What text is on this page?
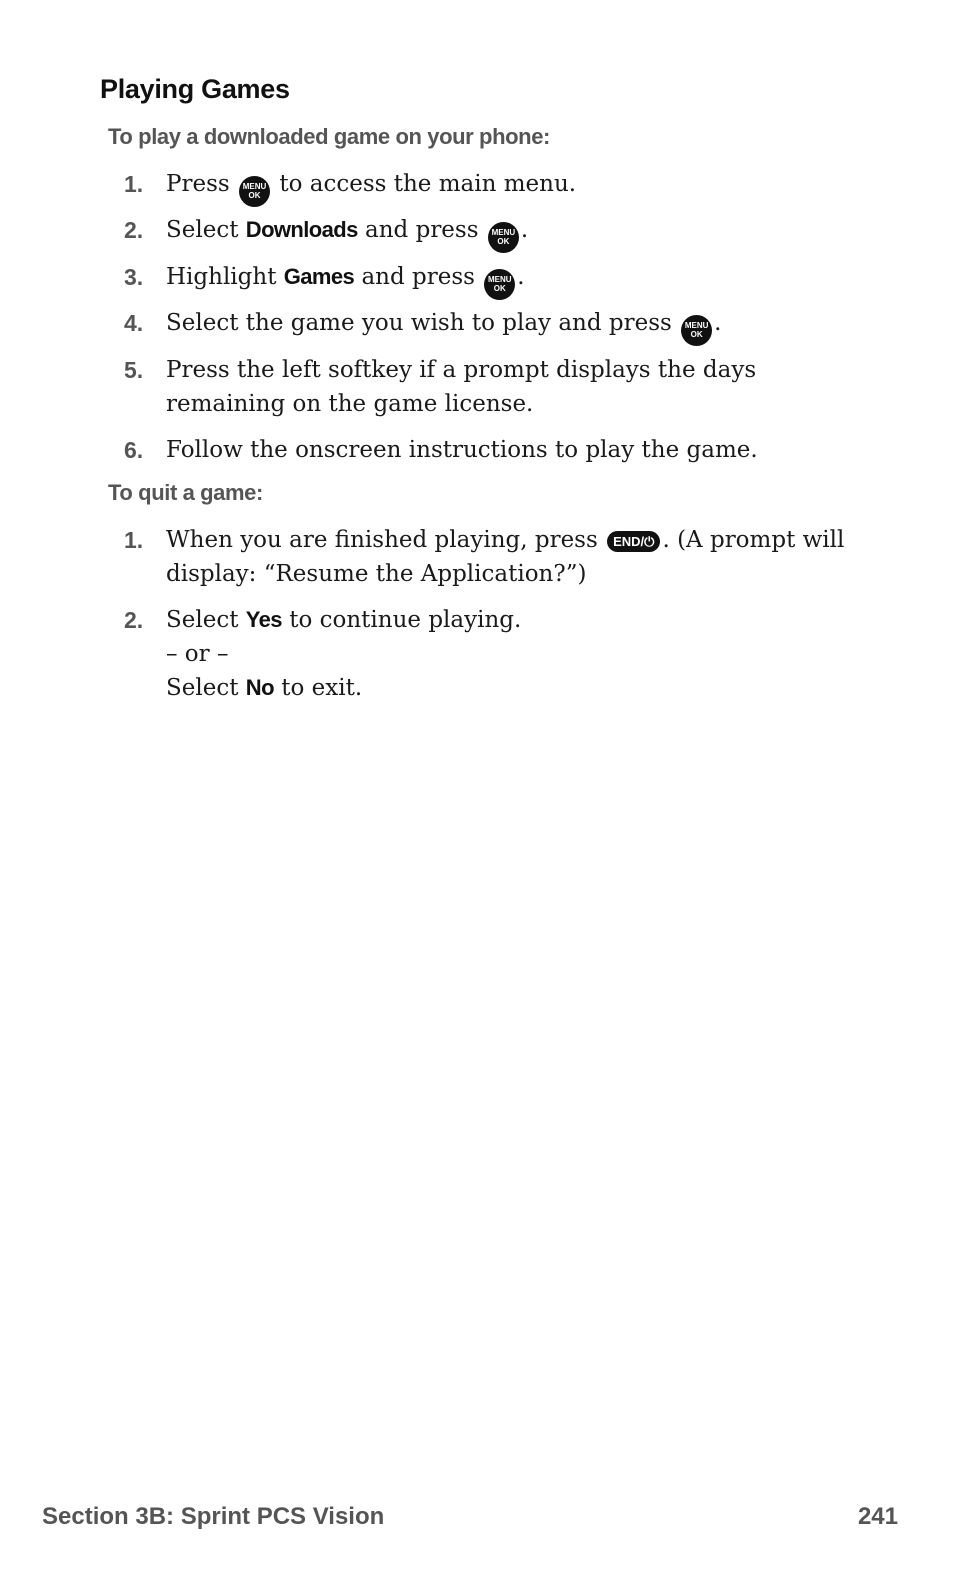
Playing Games
To play a downloaded game on your phone:
1. Press	MENU
OK to access the main menu.
2. Select Downloads and press	MENU
OK .
3. Highlight Games and press	MENU
OK .
4. Select the game you wish to play and press	MENU
OK .
5. Press the left softkey if a prompt displays the days remaining on the game license.
6. Follow the onscreen instructions to play the game.
To quit a game:
1. When you are finished playing, press END/⏻ . (A prompt will display: “Resume the Application?”)
2. Select Yes to continue playing.
– or –
Select No to exit.
Section 3B: Sprint PCS Vision	241
